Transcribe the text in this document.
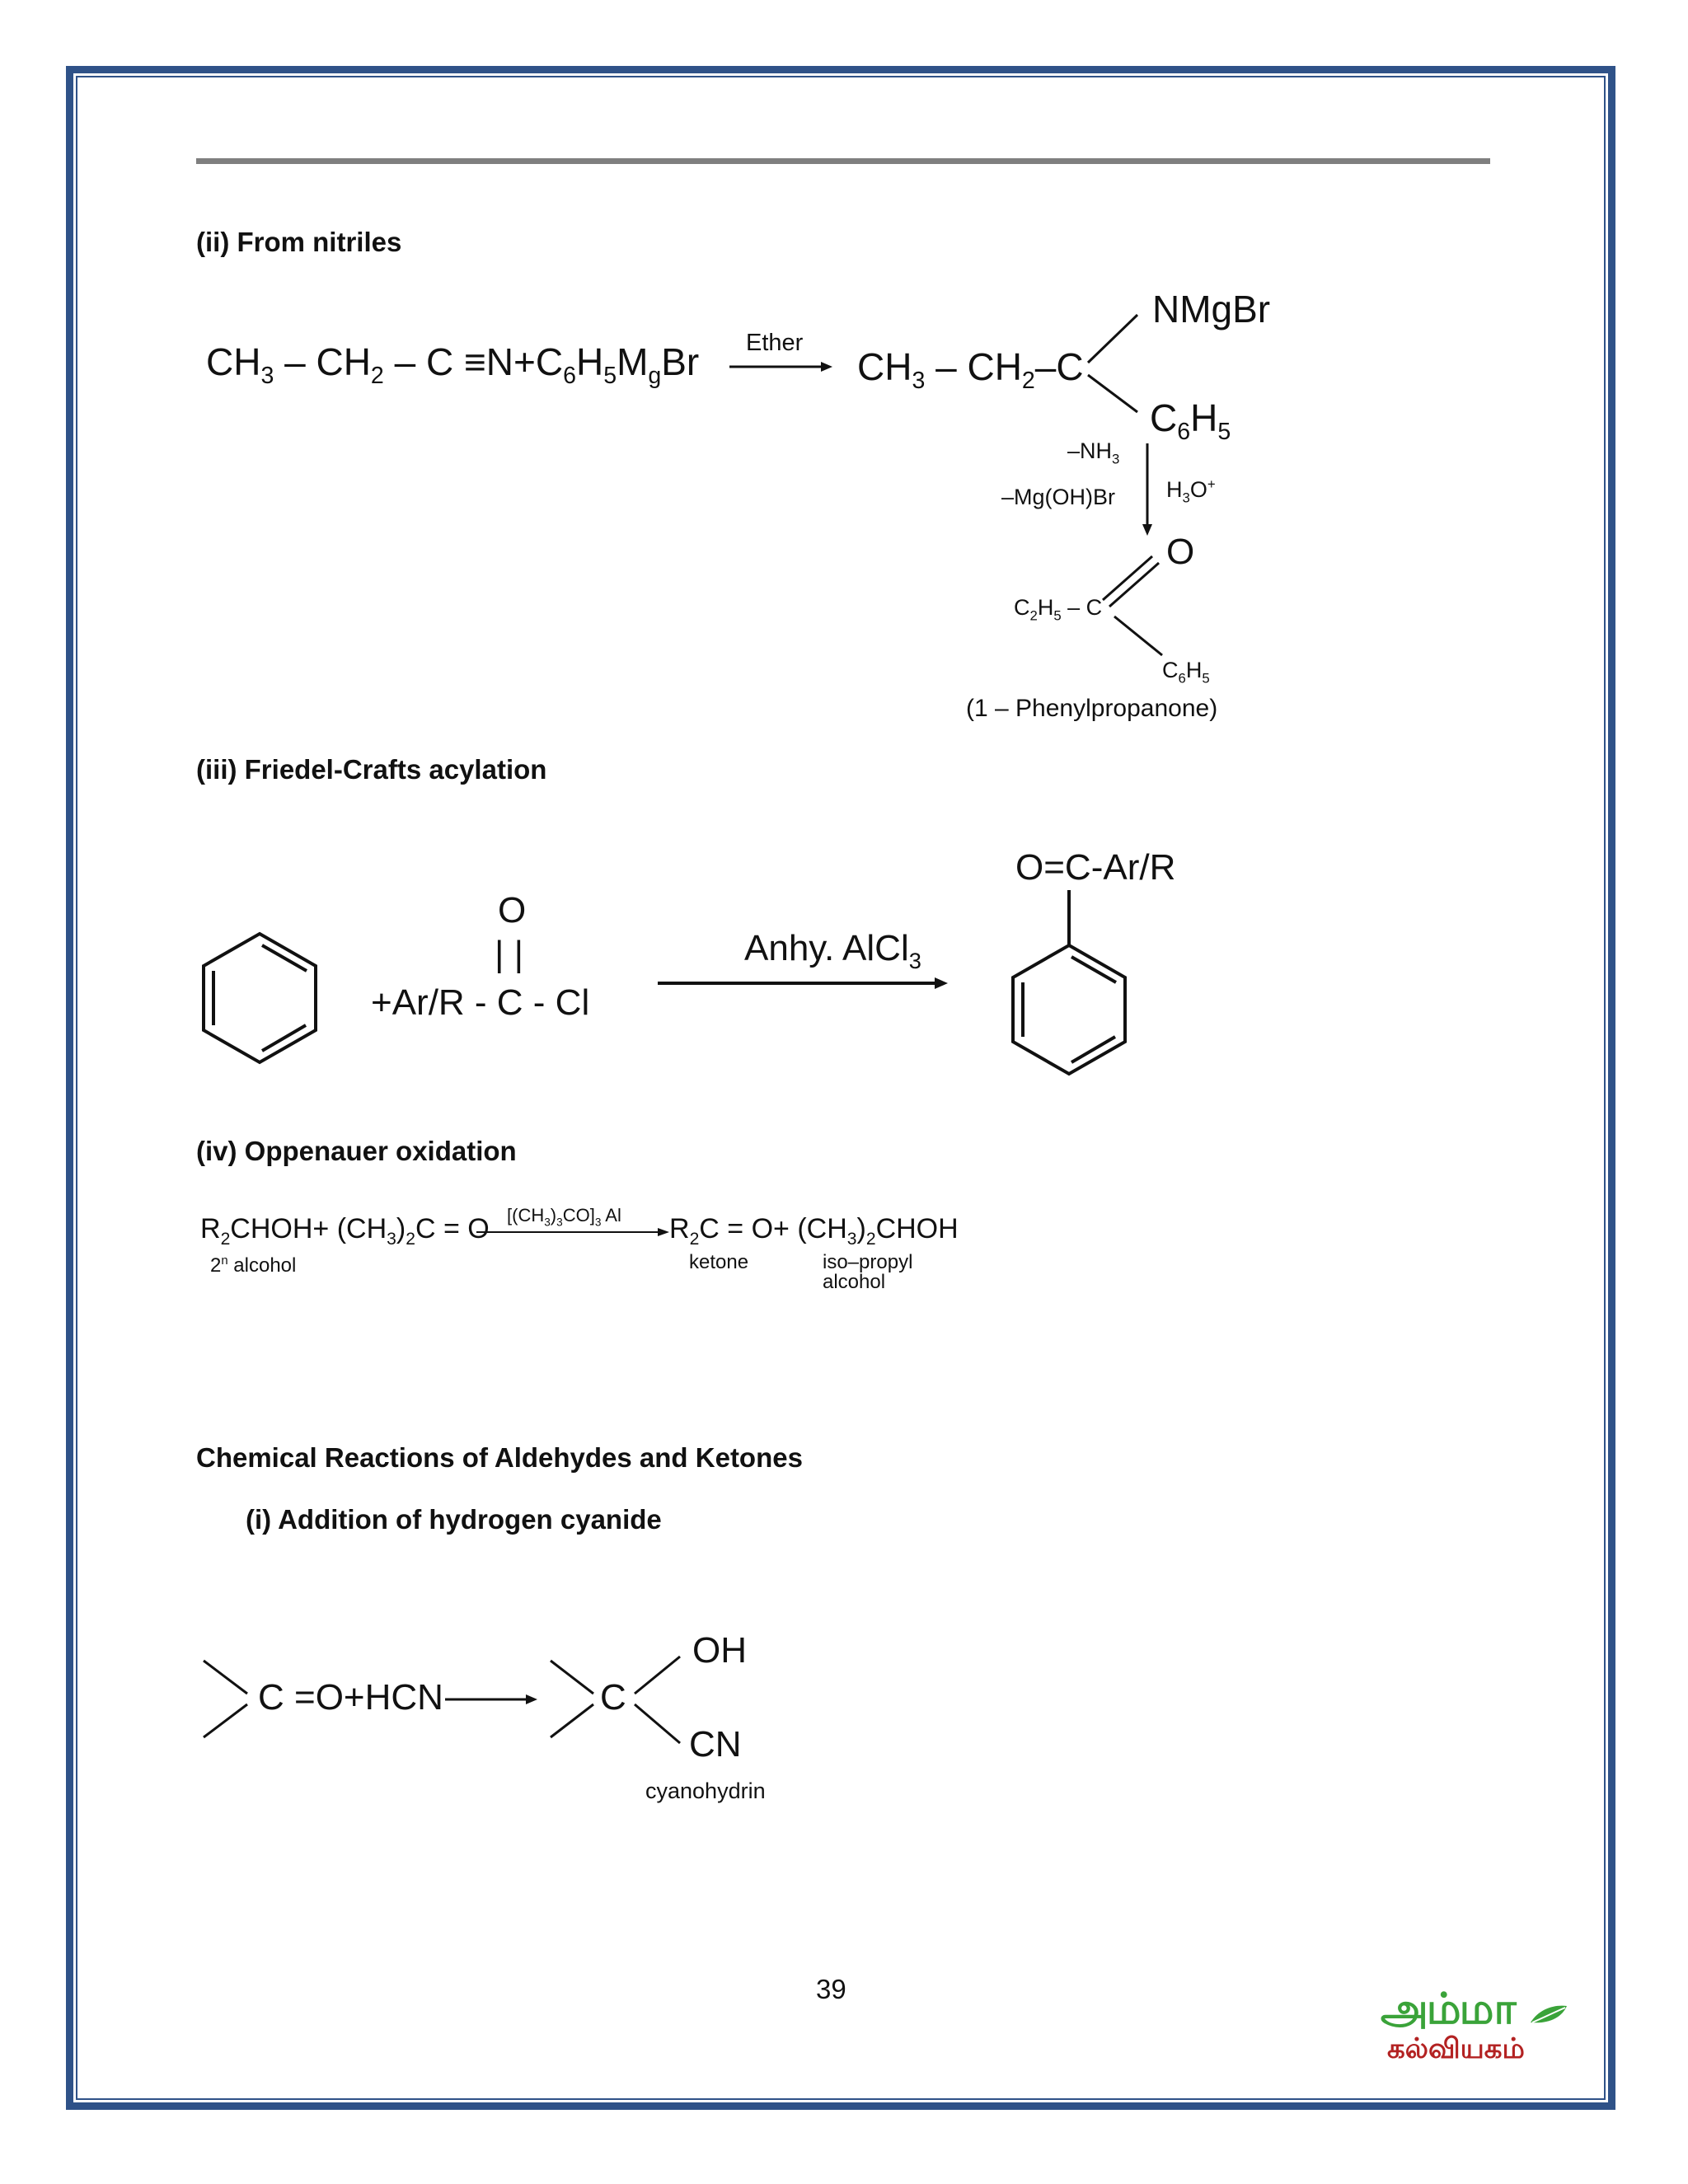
(ii) From nitriles
(iii) Friedel-Crafts acylation
(iv) Oppenauer oxidation
Chemical Reactions of Aldehydes and Ketones
(i) Addition of hydrogen cyanide
$CH_3 - CH_2 - C \equiv N+C_6H_5M_gBr$ Ether
$CH_3 - CH_2-C$
NMgBr
$C_6H_5$
$-NH_3$
–Mg(OH)Br $H_3O^+$
O
$C_2H_5$ – C
$C_6H_5$
(1 – Phenylpropanone)
O
| |
+Ar/R - C - Cl
Anhy. AlCl$_3$
O=C-Ar/R
$R_2CHOH+ (CH_3)_2C = O$ $[(CH_3)_3CO]_3$ Al $R_2C = O+$ $(CH_3)_2CHOH$
2$^n$ alcohol	ketone	iso–propyl
alcohol
C =O+HCN	C
OH
CN
cyanohydrin
39	அம்மா
கல்வியகம்
